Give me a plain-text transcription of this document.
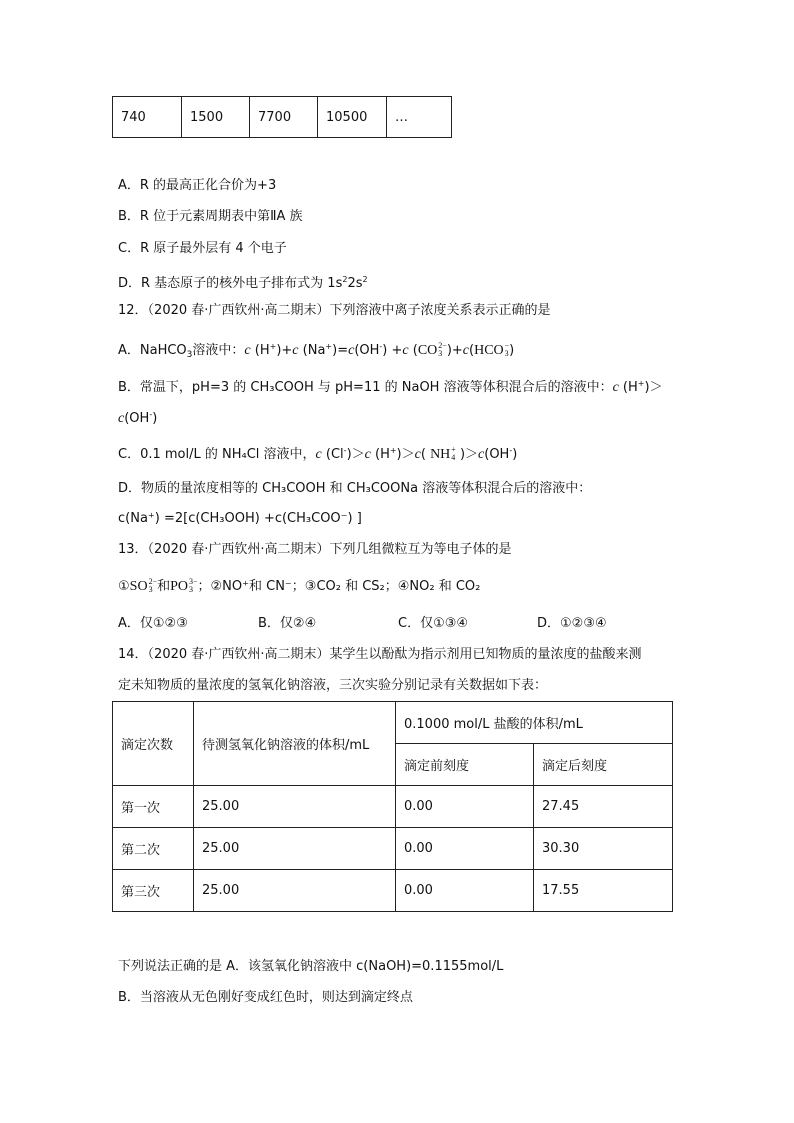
740	1500	7700	10500	…
A．R 的最高正化合价为+3
B．R 位于元素周期表中第ⅡA 族
C．R 原子最外层有 4 个电子
D．R 基态原子的核外电子排布式为 $1s^22s^2$
12．（2020 春·广西钦州·高二期末）下列溶液中离子浓度关系表示正确的是
A．NaHCO$_3$溶液中：c (H+)+c (Na+)=c(OH-) +c (CO 2−
3 )+c(HCO −
3 )
B．常温下，pH=3 的 CH₃COOH 与 pH=11 的 NaOH 溶液等体积混合后的溶液中：c (H+)＞
c(OH-)
C．0.1 mol/L 的 NH₄Cl 溶液中，c (Cl-)＞c (H+)＞c( NH +
4 )＞c(OH-)
D．物质的量浓度相等的 CH₃COOH 和 CH₃COONa 溶液等体积混合后的溶液中：
c(Na⁺) =2[c(CH₃OOH) +c(CH₃COO⁻) ]
13．（2020 春·广西钦州·高二期末）下列几组微粒互为等电子体的是
①SO 2−
3 和PO 3−
3 ；②NO⁺和 CN⁻；③CO₂ 和 CS₂；④NO₂ 和 CO₂
A．仅①②③	B．仅②④	C．仅①③④	D．①②③④
14．（2020 春·广西钦州·高二期末）某学生以酚酞为指示剂用已知物质的量浓度的盐酸来测
定未知物质的量浓度的氢氧化钠溶液，三次实验分别记录有关数据如下表：
滴定次数	待测氢氧化钠溶液的体积/mL	0.1000 mol/L 盐酸的体积/mL	
		滴定前刻度	滴定后刻度
第一次	25.00	0.00	27.45
第二次	25.00	0.00	30.30
第三次	25.00	0.00	17.55
下列说法正确的是 A．该氢氧化钠溶液中 c(NaOH)=0.1155mol/L
B．当溶液从无色刚好变成红色时，则达到滴定终点
